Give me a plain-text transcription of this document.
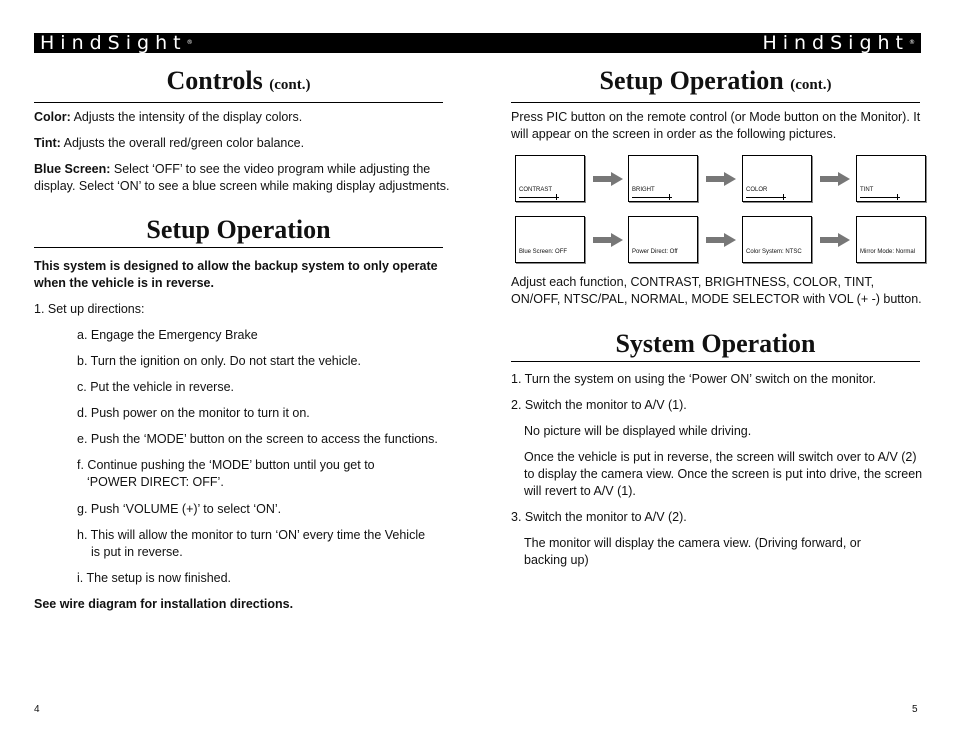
HindSight®
Controls (cont.)

Color: Adjusts the intensity of the display colors.

Tint: Adjusts the overall red/green color balance.

Blue Screen: Select ‘OFF’ to see the video program while adjusting the display. Select ‘ON’ to see a blue screen while making display adjustments.

Setup Operation

This system is designed to allow the backup system to only operate when the vehicle is in reverse.

1. Set up directions:

a. Engage the Emergency Brake

b. Turn the ignition on only. Do not start the vehicle.

c. Put the vehicle in reverse.

d. Push power on the monitor to turn it on.

e. Push the ‘MODE’ button on the screen to access the functions.

f. Continue pushing the ‘MODE’ button until you get to

‘POWER DIRECT: OFF’.

g. Push ‘VOLUME (+)’ to select ‘ON’.

h. This will allow the monitor to turn ‘ON’ every time the Vehicle

is put in reverse.

i. The setup is now finished.

See wire diagram for installation directions.

4
HindSight®
Setup Operation (cont.)

Press PIC button on the remote control (or Mode button on the Monitor). It will appear on the screen in order as the following pictures.

CONTRAST	BRIGHT	COLOR	TINT
Blue Screen: OFF	Power Direct: Off	Color System: NTSC	Mirror Mode: Normal

Adjust each function, CONTRAST, BRIGHTNESS, COLOR, TINT, ON/OFF, NTSC/PAL, NORMAL, MODE SELECTOR with VOL (+ -) button.

System Operation

1. Turn the system on using the ‘Power ON’ switch on the monitor.

2. Switch the monitor to A/V (1).

No picture will be displayed while driving.

Once the vehicle is put in reverse, the screen will switch over to A/V (2) to display the camera view. Once the screen is put into drive, the screen will revert to A/V (1).

3. Switch the monitor to A/V (2).

The monitor will display the camera view. (Driving forward, or backing up)

5
